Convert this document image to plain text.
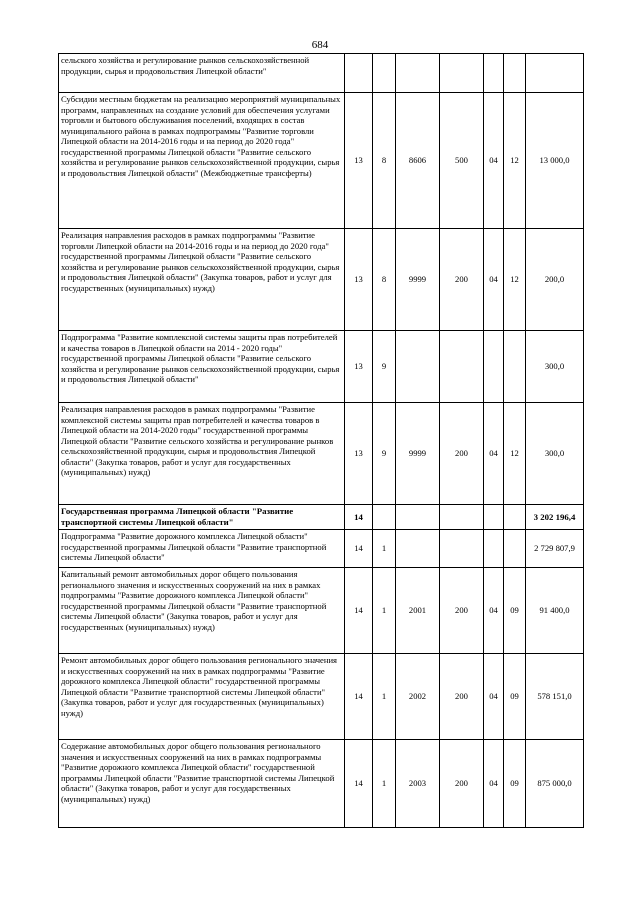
684
сельского хозяйства и регулирование рынков сельскохозяйственной продукции, сырья и продовольствия Липецкой области"							
Субсидии местным бюджетам на реализацию мероприятий муниципальных программ, направленных на создание условий для обеспечения услугами торговли и бытового обслуживания поселений, входящих в состав муниципального района в рамках подпрограммы "Развитие торговли Липецкой области на 2014-2016 годы и на период до 2020 года" государственной программы Липецкой области "Развитие сельского хозяйства и регулирование рынков сельскохозяйственной продукции, сырья и продовольствия Липецкой области" (Межбюджетные трансферты)	13	8	8606	500	04	12	13 000,0
Реализация направления расходов в рамках подпрограммы "Развитие торговли Липецкой области на 2014-2016 годы и на период до 2020 года" государственной программы Липецкой области "Развитие сельского хозяйства и регулирование рынков сельскохозяйственной продукции, сырья и продовольствия Липецкой области" (Закупка товаров, работ и услуг для государственных (муниципальных) нужд)	13	8	9999	200	04	12	200,0
Подпрограмма "Развитие комплексной системы защиты прав потребителей и качества товаров в Липецкой области на 2014 - 2020 годы" государственной программы Липецкой области "Развитие сельского хозяйства и регулирование рынков сельскохозяйственной продукции, сырья и продовольствия Липецкой области"	13	9					300,0
Реализация направления расходов в рамках подпрограммы "Развитие комплексной системы защиты прав потребителей и качества товаров в Липецкой области на 2014-2020 годы" государственной программы Липецкой области "Развитие сельского хозяйства и регулирование рынков сельскохозяйственной продукции, сырья и продовольствия Липецкой области" (Закупка товаров, работ и услуг для государственных (муниципальных) нужд)	13	9	9999	200	04	12	300,0
Государственная программа Липецкой области "Развитие транспортной системы Липецкой области"	14						3 202 196,4
Подпрограмма "Развитие дорожного комплекса Липецкой области" государственной программы Липецкой области "Развитие транспортной системы Липецкой области"	14	1					2 729 807,9
Капитальный ремонт автомобильных дорог общего пользования регионального значения и искусственных сооружений на них в рамках подпрограммы "Развитие дорожного комплекса Липецкой области" государственной программы Липецкой области "Развитие транспортной системы Липецкой области" (Закупка товаров, работ и услуг для государственных (муниципальных) нужд)	14	1	2001	200	04	09	91 400,0
Ремонт автомобильных дорог общего пользования регионального значения и искусственных сооружений на них в рамках подпрограммы "Развитие дорожного комплекса Липецкой области" государственной программы Липецкой области "Развитие транспортной системы Липецкой области" (Закупка товаров, работ и услуг для государственных (муниципальных) нужд)	14	1	2002	200	04	09	578 151,0
Содержание автомобильных дорог общего пользования регионального значения и искусственных сооружений на них в рамках подпрограммы "Развитие дорожного комплекса Липецкой области" государственной программы Липецкой области "Развитие транспортной системы Липецкой области" (Закупка товаров, работ и услуг для государственных (муниципальных) нужд)	14	1	2003	200	04	09	875 000,0
